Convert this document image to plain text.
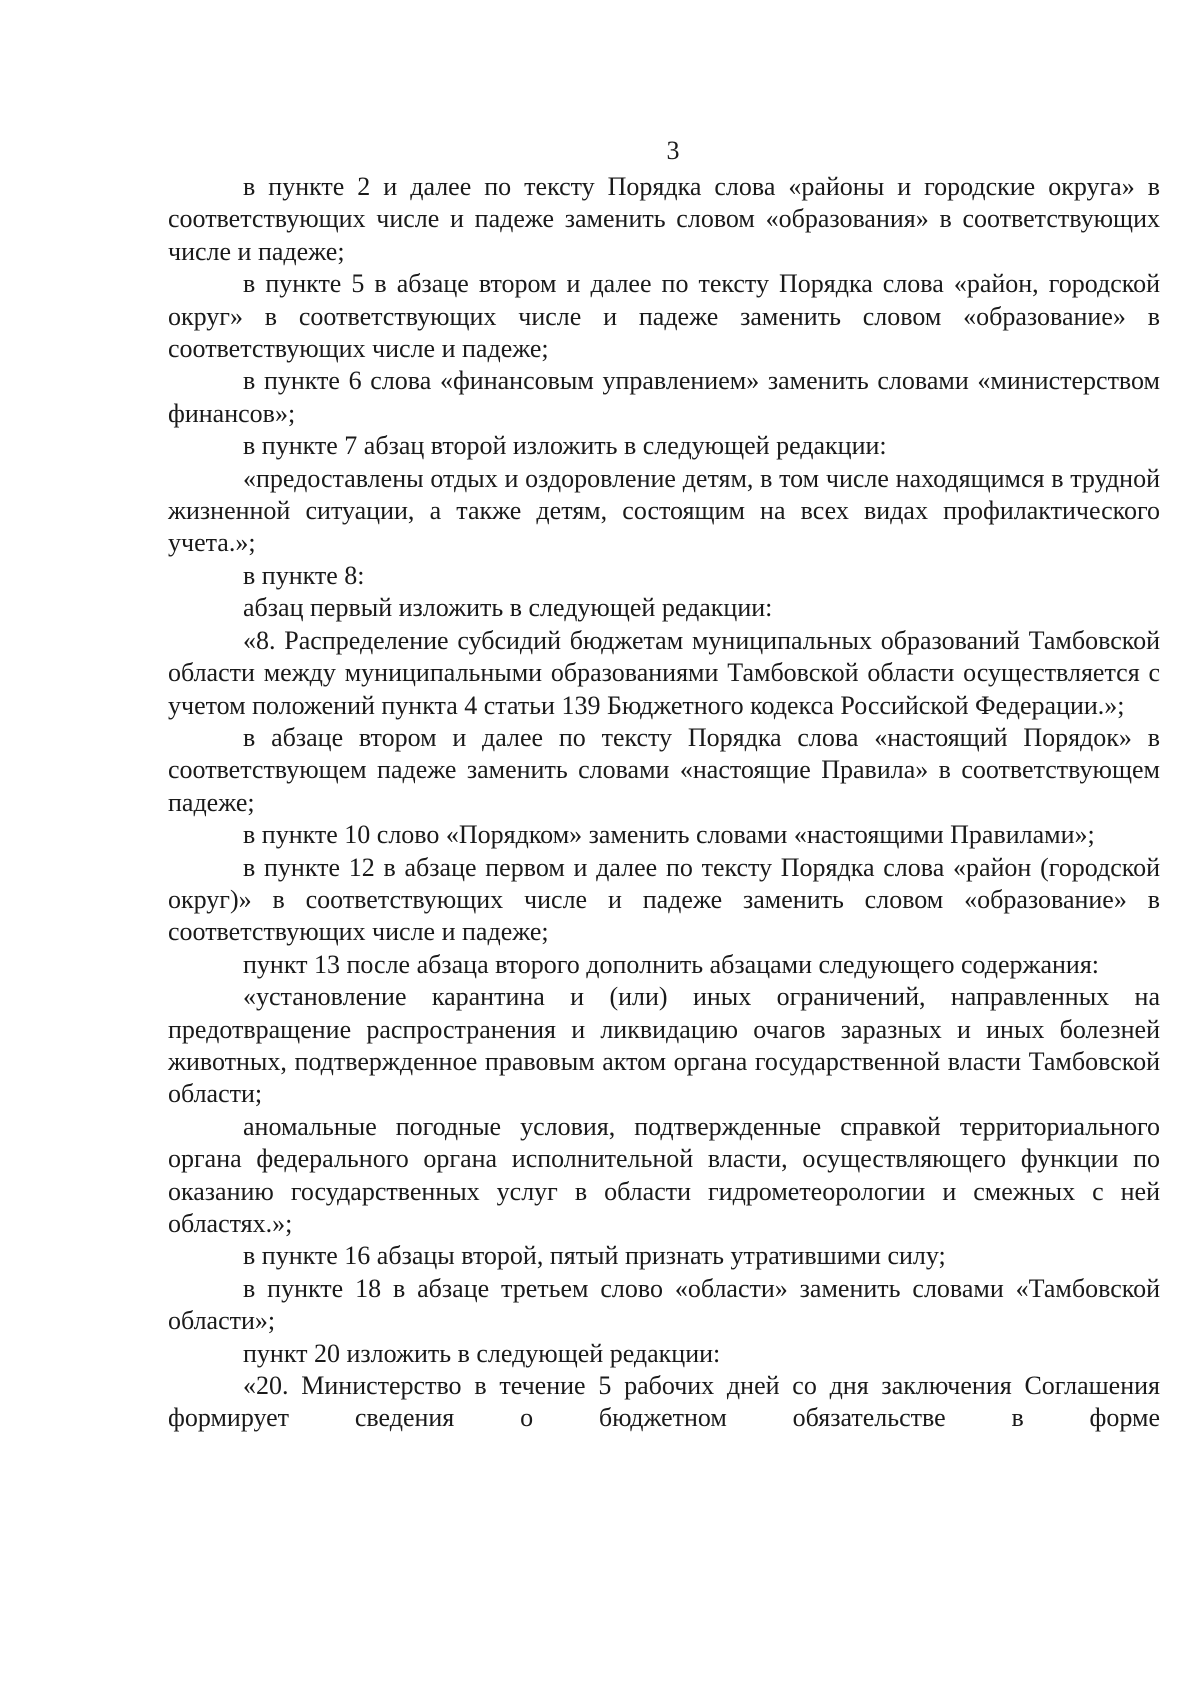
3

в пункте 2 и далее по тексту Порядка слова «районы и городские округа» в соответствующих числе и падеже заменить словом «образования» в соответствующих числе и падеже;

в пункте 5 в абзаце втором и далее по тексту Порядка слова «район, городской округ» в соответствующих числе и падеже заменить словом «образование» в соответствующих числе и падеже;

в пункте 6 слова «финансовым управлением» заменить словами «министерством финансов»;

в пункте 7 абзац второй изложить в следующей редакции:

«предоставлены отдых и оздоровление детям, в том числе находящимся в трудной жизненной ситуации, а также детям, состоящим на всех видах профилактического учета.»;

в пункте 8:

абзац первый изложить в следующей редакции:

«8. Распределение субсидий бюджетам муниципальных образований Тамбовской области между муниципальными образованиями Тамбовской области осуществляется с учетом положений пункта 4 статьи 139 Бюджетного кодекса Российской Федерации.»;

в абзаце втором и далее по тексту Порядка слова «настоящий Порядок» в соответствующем падеже заменить словами «настоящие Правила» в соответствующем падеже;

в пункте 10 слово «Порядком» заменить словами «настоящими Правилами»;

в пункте 12 в абзаце первом и далее по тексту Порядка слова «район (городской округ)» в соответствующих числе и падеже заменить словом «образование» в соответствующих числе и падеже;

пункт 13 после абзаца второго дополнить абзацами следующего содержания:

«установление карантина и (или) иных ограничений, направленных на предотвращение распространения и ликвидацию очагов заразных и иных болезней животных, подтвержденное правовым актом органа государственной власти Тамбовской области;

аномальные погодные условия, подтвержденные справкой территориального органа федерального органа исполнительной власти, осуществляющего функции по оказанию государственных услуг в области гидрометеорологии и смежных с ней областях.»;

в пункте 16 абзацы второй, пятый признать утратившими силу;

в пункте 18 в абзаце третьем слово «области» заменить словами «Тамбовской области»;

пункт 20 изложить в следующей редакции:

«20. Министерство в течение 5 рабочих дней со дня заключения Соглашения формирует сведения о бюджетном обязательстве в форме
